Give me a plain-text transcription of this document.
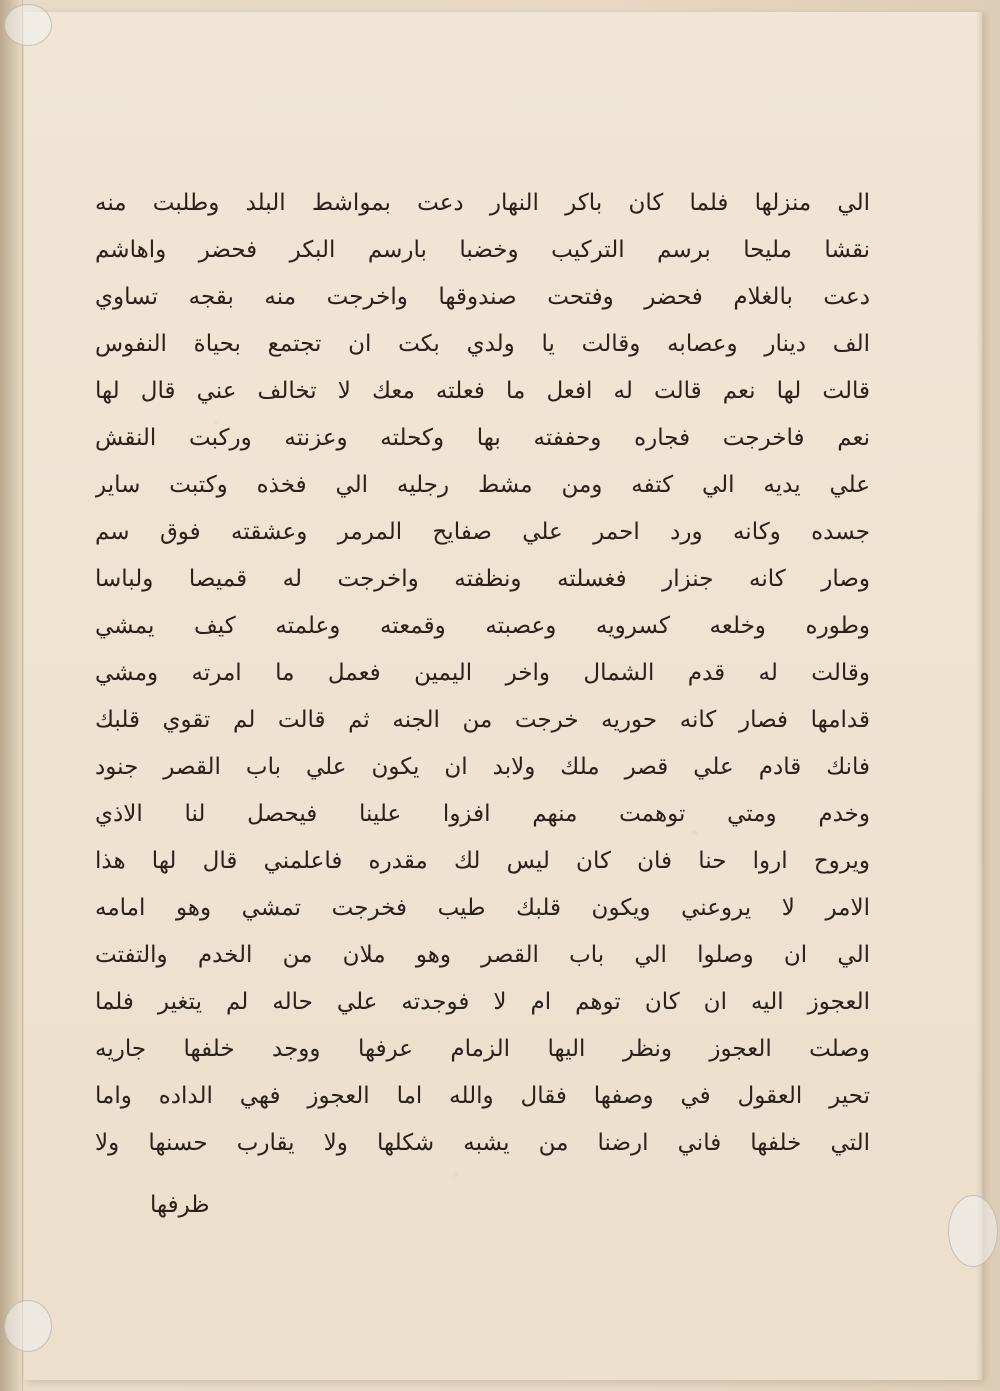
الي منزلها فلما كان باكر النهار دعت بمواشط البلد وطلبت منه
نقشا مليحا برسم التركيب وخضبا بارسم البكر فحضر واهاشم
دعت بالغلام فحضر وفتحت صندوقها واخرجت منه بقجه تساوي
الف دينار وعصابه وقالت يا ولدي بكت ان تجتمع بحياة النفوس
قالت لها نعم قالت له افعل ما فعلته معك لا تخالف عني قال لها
نعم فاخرجت فجاره وحففته بها وكحلته وعزنته وركبت النقش
علي يديه الي كتفه ومن مشط رجليه الي فخذه وكتبت ساير
جسده وكانه ورد احمر علي صفايح المرمر وعشقته فوق سم
وصار كانه جنزار فغسلته ونظفته واخرجت له قميصا ولباسا
وطوره وخلعه كسرويه وعصبته وقمعته وعلمته كيف يمشي
وقالت له قدم الشمال واخر اليمين فعمل ما امرته ومشي
قدامها فصار كانه حوريه خرجت من الجنه ثم قالت لم تقوي قلبك
فانك قادم علي قصر ملك ولابد ان يكون علي باب القصر جنود
وخدم ومتي توهمت منهم افزوا علينا فيحصل لنا الاذي
ويروح اروا حنا فان كان ليس لك مقدره فاعلمني قال لها هذا
الامر لا يروعني ويكون قلبك طيب فخرجت تمشي وهو امامه
الي ان وصلوا الي باب القصر وهو ملان من الخدم والتفتت
العجوز اليه ان كان توهم ام لا فوجدته علي حاله لم يتغير فلما
وصلت العجوز ونظر اليها الزمام عرفها ووجد خلفها جاريه
تحير العقول في وصفها فقال والله اما العجوز فهي الداده واما
التي خلفها فاني ارضنا من يشبه شكلها ولا يقارب حسنها ولا
ظرفها
